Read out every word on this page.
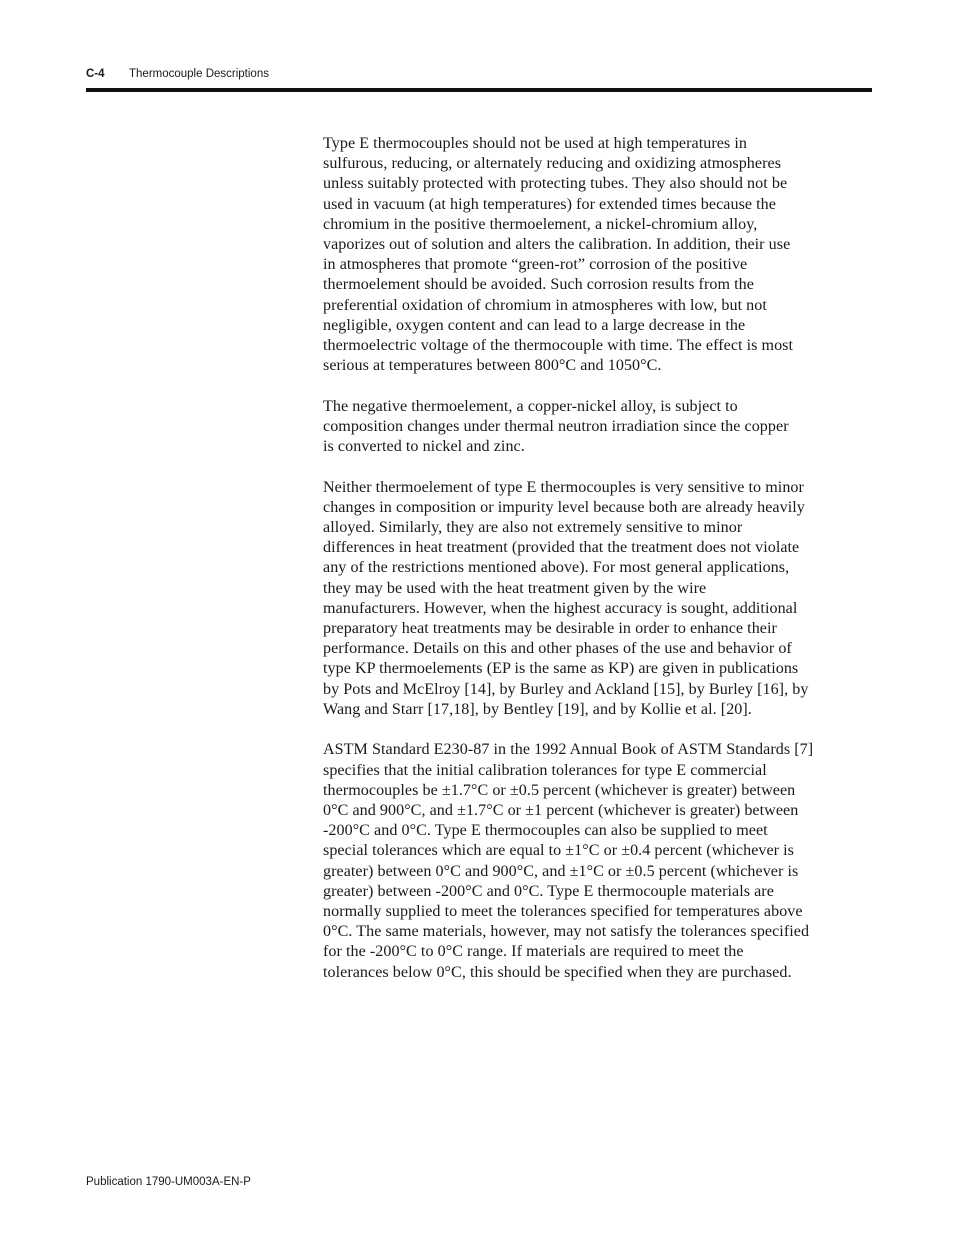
C-4 Thermocouple Descriptions

Type E thermocouples should not be used at high temperatures in
sulfurous, reducing, or alternately reducing and oxidizing atmospheres
unless suitably protected with protecting tubes. They also should not be
used in vacuum (at high temperatures) for extended times because the
chromium in the positive thermoelement, a nickel-chromium alloy,
vaporizes out of solution and alters the calibration. In addition, their use
in atmospheres that promote “green-rot” corrosion of the positive
thermoelement should be avoided. Such corrosion results from the
preferential oxidation of chromium in atmospheres with low, but not
negligible, oxygen content and can lead to a large decrease in the
thermoelectric voltage of the thermocouple with time. The effect is most
serious at temperatures between 800°C and 1050°C.

The negative thermoelement, a copper-nickel alloy, is subject to
composition changes under thermal neutron irradiation since the copper
is converted to nickel and zinc.

Neither thermoelement of type E thermocouples is very sensitive to minor
changes in composition or impurity level because both are already heavily
alloyed. Similarly, they are also not extremely sensitive to minor
differences in heat treatment (provided that the treatment does not violate
any of the restrictions mentioned above). For most general applications,
they may be used with the heat treatment given by the wire
manufacturers. However, when the highest accuracy is sought, additional
preparatory heat treatments may be desirable in order to enhance their
performance. Details on this and other phases of the use and behavior of
type KP thermoelements (EP is the same as KP) are given in publications
by Pots and McElroy [14], by Burley and Ackland [15], by Burley [16], by
Wang and Starr [17,18], by Bentley [19], and by Kollie et al. [20].

ASTM Standard E230-87 in the 1992 Annual Book of ASTM Standards [7]
specifies that the initial calibration tolerances for type E commercial
thermocouples be ±1.7°C or ±0.5 percent (whichever is greater) between
0°C and 900°C, and ±1.7°C or ±1 percent (whichever is greater) between
-200°C and 0°C. Type E thermocouples can also be supplied to meet
special tolerances which are equal to ±1°C or ±0.4 percent (whichever is
greater) between 0°C and 900°C, and ±1°C or ±0.5 percent (whichever is
greater) between -200°C and 0°C. Type E thermocouple materials are
normally supplied to meet the tolerances specified for temperatures above
0°C. The same materials, however, may not satisfy the tolerances specified
for the -200°C to 0°C range. If materials are required to meet the
tolerances below 0°C, this should be specified when they are purchased.

Publication 1790-UM003A-EN-P
